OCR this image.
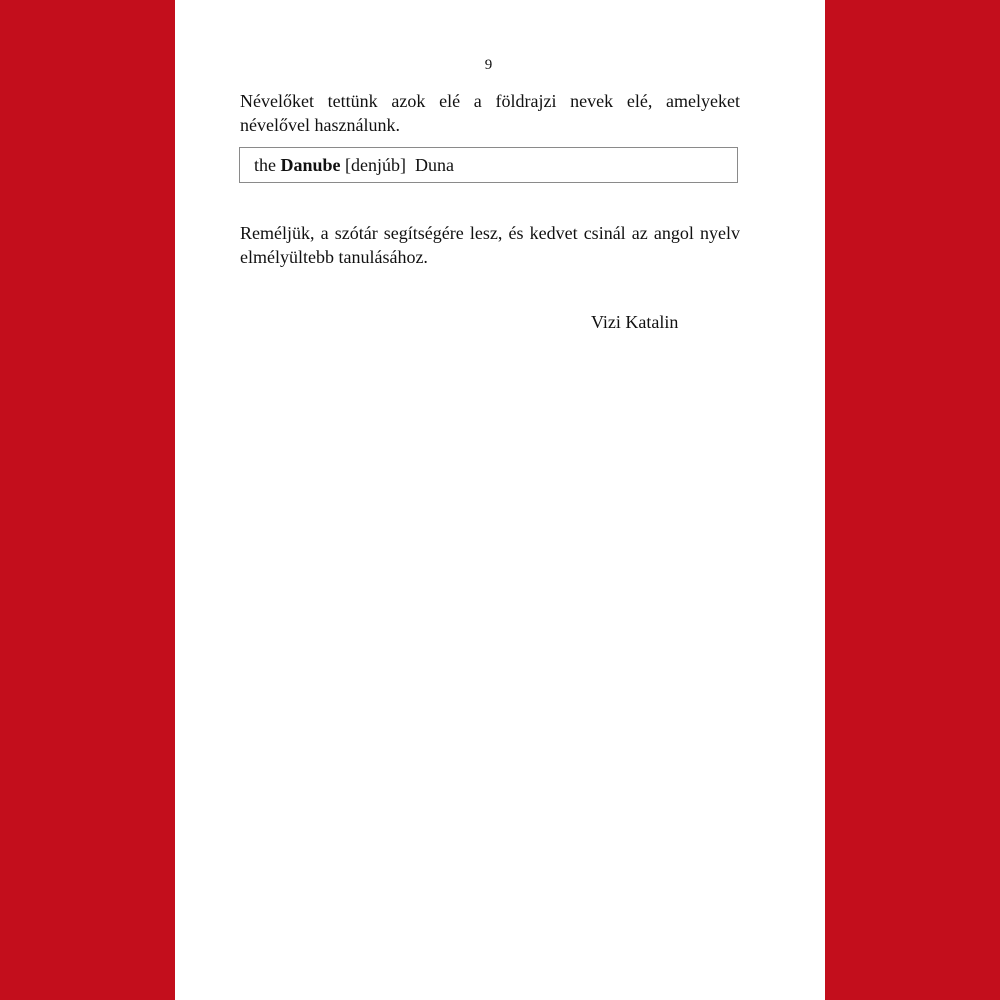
9

Névelőket tettünk azok elé a földrajzi nevek elé, amelyeket névelővel használunk.

the Danube [denjúb] Duna

Reméljük, a szótár segítségére lesz, és kedvet csinál az angol nyelv elmélyültebb tanulásához.

Vizi Katalin
